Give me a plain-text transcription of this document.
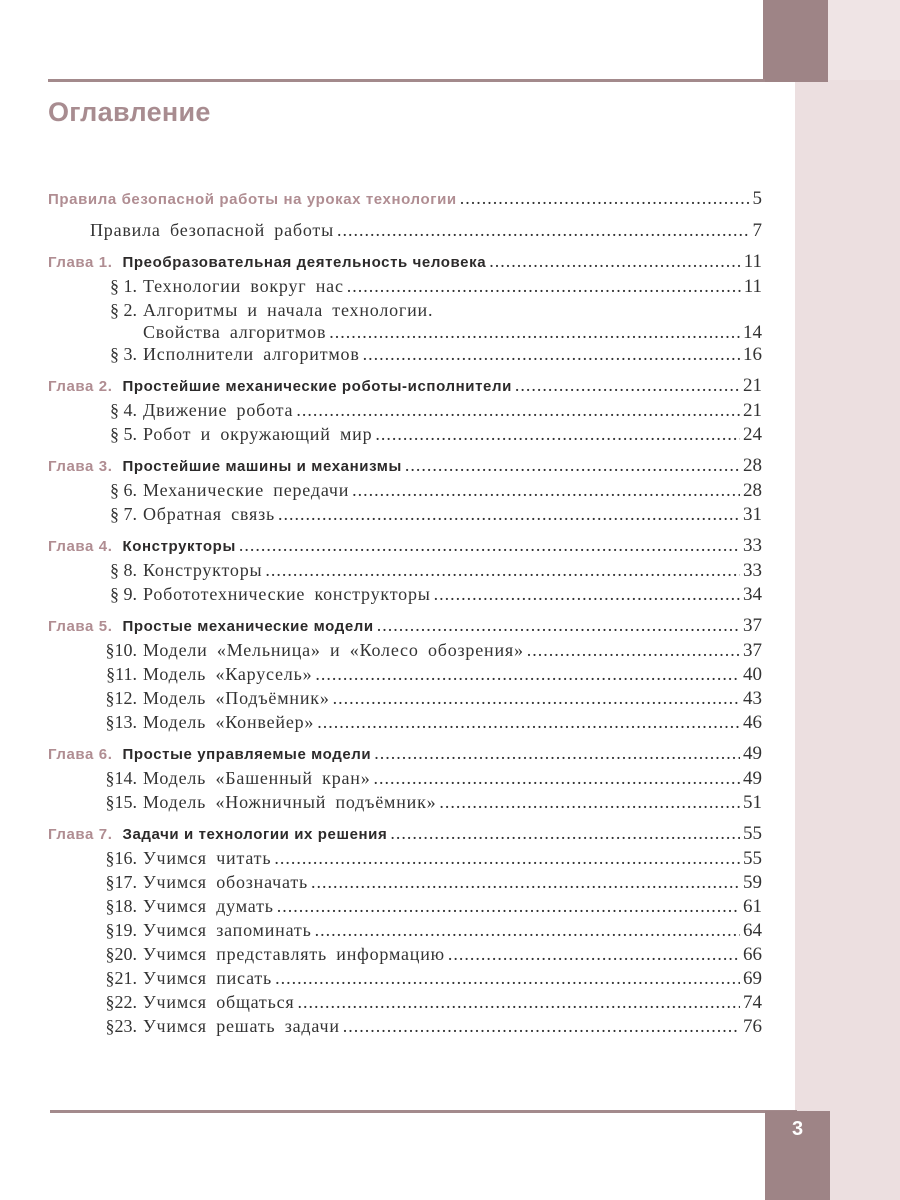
Оглавление
Правила безопасной работы на уроках технологии .....	5
Правила безопасной работы .....	7
Глава 1. Преобразовательная деятельность человека .....	11
§ 1. Технологии вокруг нас .....	11
§ 2. Алгоритмы и начала технологии.
Свойства алгоритмов .....	14
§ 3. Исполнители алгоритмов .....	16
Глава 2. Простейшие механические роботы-исполнители .....	21
§ 4. Движение робота .....	21
§ 5. Робот и окружающий мир .....	24
Глава 3. Простейшие машины и механизмы .....	28
§ 6. Механические передачи .....	28
§ 7. Обратная связь .....	31
Глава 4. Конструкторы .....	33
§ 8. Конструкторы .....	33
§ 9. Робототехнические конструкторы .....	34
Глава 5. Простые механические модели .....	37
§10. Модели «Мельница» и «Колесо обозрения» .....	37
§11. Модель «Карусель» .....	40
§12. Модель «Подъёмник» .....	43
§13. Модель «Конвейер» .....	46
Глава 6. Простые управляемые модели .....	49
§14. Модель «Башенный кран» .....	49
§15. Модель «Ножничный подъёмник» .....	51
Глава 7. Задачи и технологии их решения .....	55
§16. Учимся читать .....	55
§17. Учимся обозначать .....	59
§18. Учимся думать .....	61
§19. Учимся запоминать .....	64
§20. Учимся представлять информацию .....	66
§21. Учимся писать .....	69
§22. Учимся общаться .....	74
§23. Учимся решать задачи .....	76
3
